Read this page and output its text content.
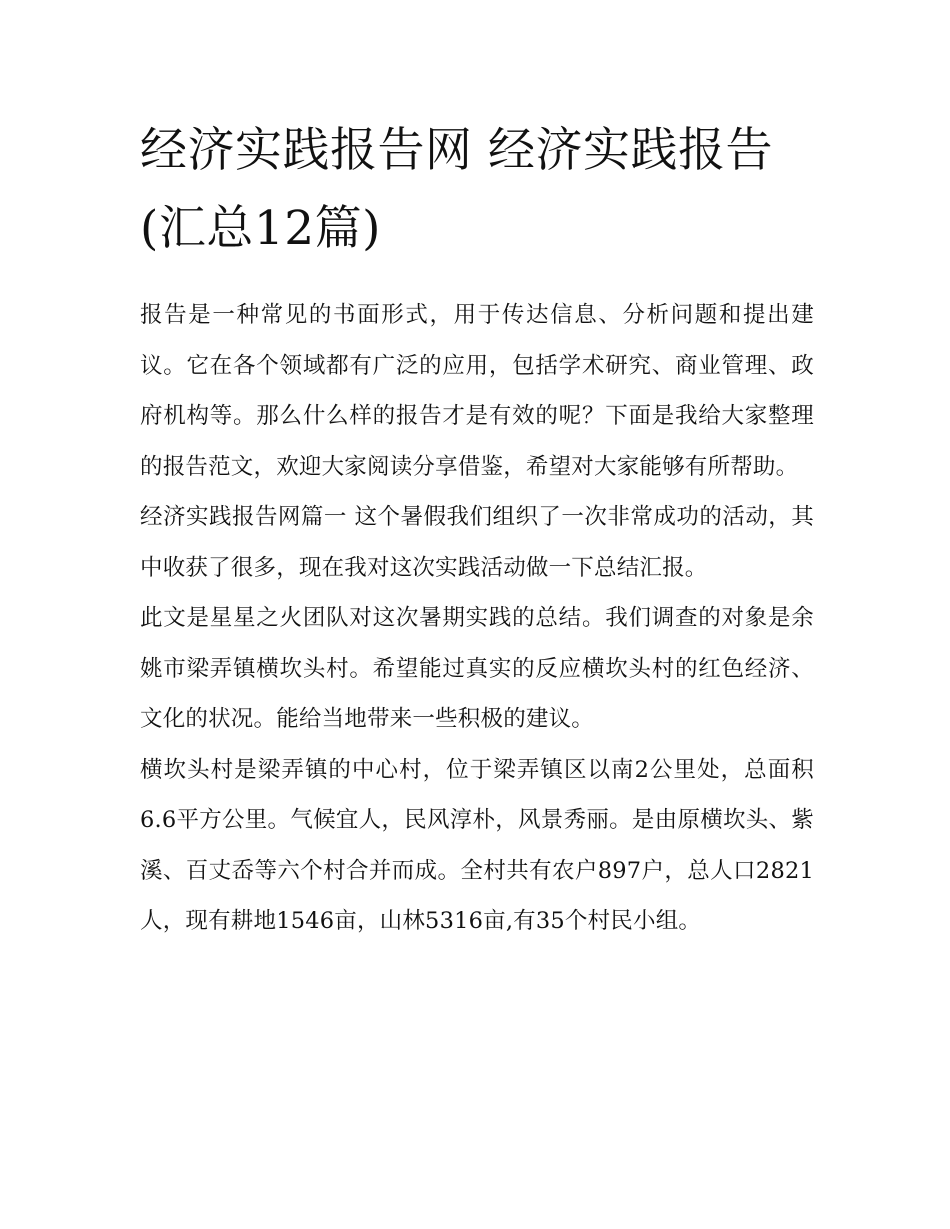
经济实践报告网 经济实践报告(汇总12篇)

报告是一种常见的书面形式，用于传达信息、分析问题和提出建议。它在各个领域都有广泛的应用，包括学术研究、商业管理、政府机构等。那么什么样的报告才是有效的呢？下面是我给大家整理的报告范文，欢迎大家阅读分享借鉴，希望对大家能够有所帮助。

经济实践报告网篇一 这个暑假我们组织了一次非常成功的活动，其中收获了很多，现在我对这次实践活动做一下总结汇报。

此文是星星之火团队对这次暑期实践的总结。我们调查的对象是余姚市梁弄镇横坎头村。希望能过真实的反应横坎头村的红色经济、文化的状况。能给当地带来一些积极的建议。

横坎头村是梁弄镇的中心村，位于梁弄镇区以南2公里处，总面积6.6平方公里。气候宜人，民风淳朴，风景秀丽。是由原横坎头、紫溪、百丈岙等六个村合并而成。全村共有农户897户，总人口2821人，现有耕地1546亩，山林5316亩,有35个村民小组。
